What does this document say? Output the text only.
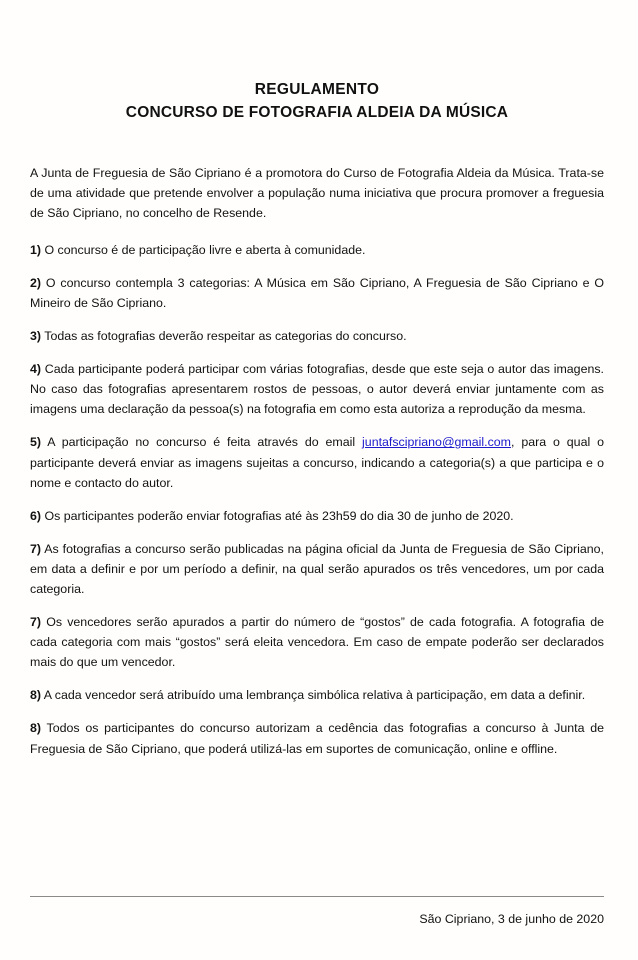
REGULAMENTO
CONCURSO DE FOTOGRAFIA ALDEIA DA MÚSICA

A Junta de Freguesia de São Cipriano é a promotora do Curso de Fotografia Aldeia da Música. Trata-se de uma atividade que pretende envolver a população numa iniciativa que procura promover a freguesia de São Cipriano, no concelho de Resende.

1) O concurso é de participação livre e aberta à comunidade.

2) O concurso contempla 3 categorias: A Música em São Cipriano, A Freguesia de São Cipriano e O Mineiro de São Cipriano.

3) Todas as fotografias deverão respeitar as categorias do concurso.

4) Cada participante poderá participar com várias fotografias, desde que este seja o autor das imagens. No caso das fotografias apresentarem rostos de pessoas, o autor deverá enviar juntamente com as imagens uma declaração da pessoa(s) na fotografia em como esta autoriza a reprodução da mesma.

5) A participação no concurso é feita através do email juntafscipriano@gmail.com, para o qual o participante deverá enviar as imagens sujeitas a concurso, indicando a categoria(s) a que participa e o nome e contacto do autor.

6) Os participantes poderão enviar fotografias até às 23h59 do dia 30 de junho de 2020.

7) As fotografias a concurso serão publicadas na página oficial da Junta de Freguesia de São Cipriano, em data a definir e por um período a definir, na qual serão apurados os três vencedores, um por cada categoria.

7) Os vencedores serão apurados a partir do número de “gostos” de cada fotografia. A fotografia de cada categoria com mais “gostos” será eleita vencedora. Em caso de empate poderão ser declarados mais do que um vencedor.

8) A cada vencedor será atribuído uma lembrança simbólica relativa à participação, em data a definir.

8) Todos os participantes do concurso autorizam a cedência das fotografias a concurso à Junta de Freguesia de São Cipriano, que poderá utilizá-las em suportes de comunicação, online e offline.

São Cipriano, 3 de junho de 2020
